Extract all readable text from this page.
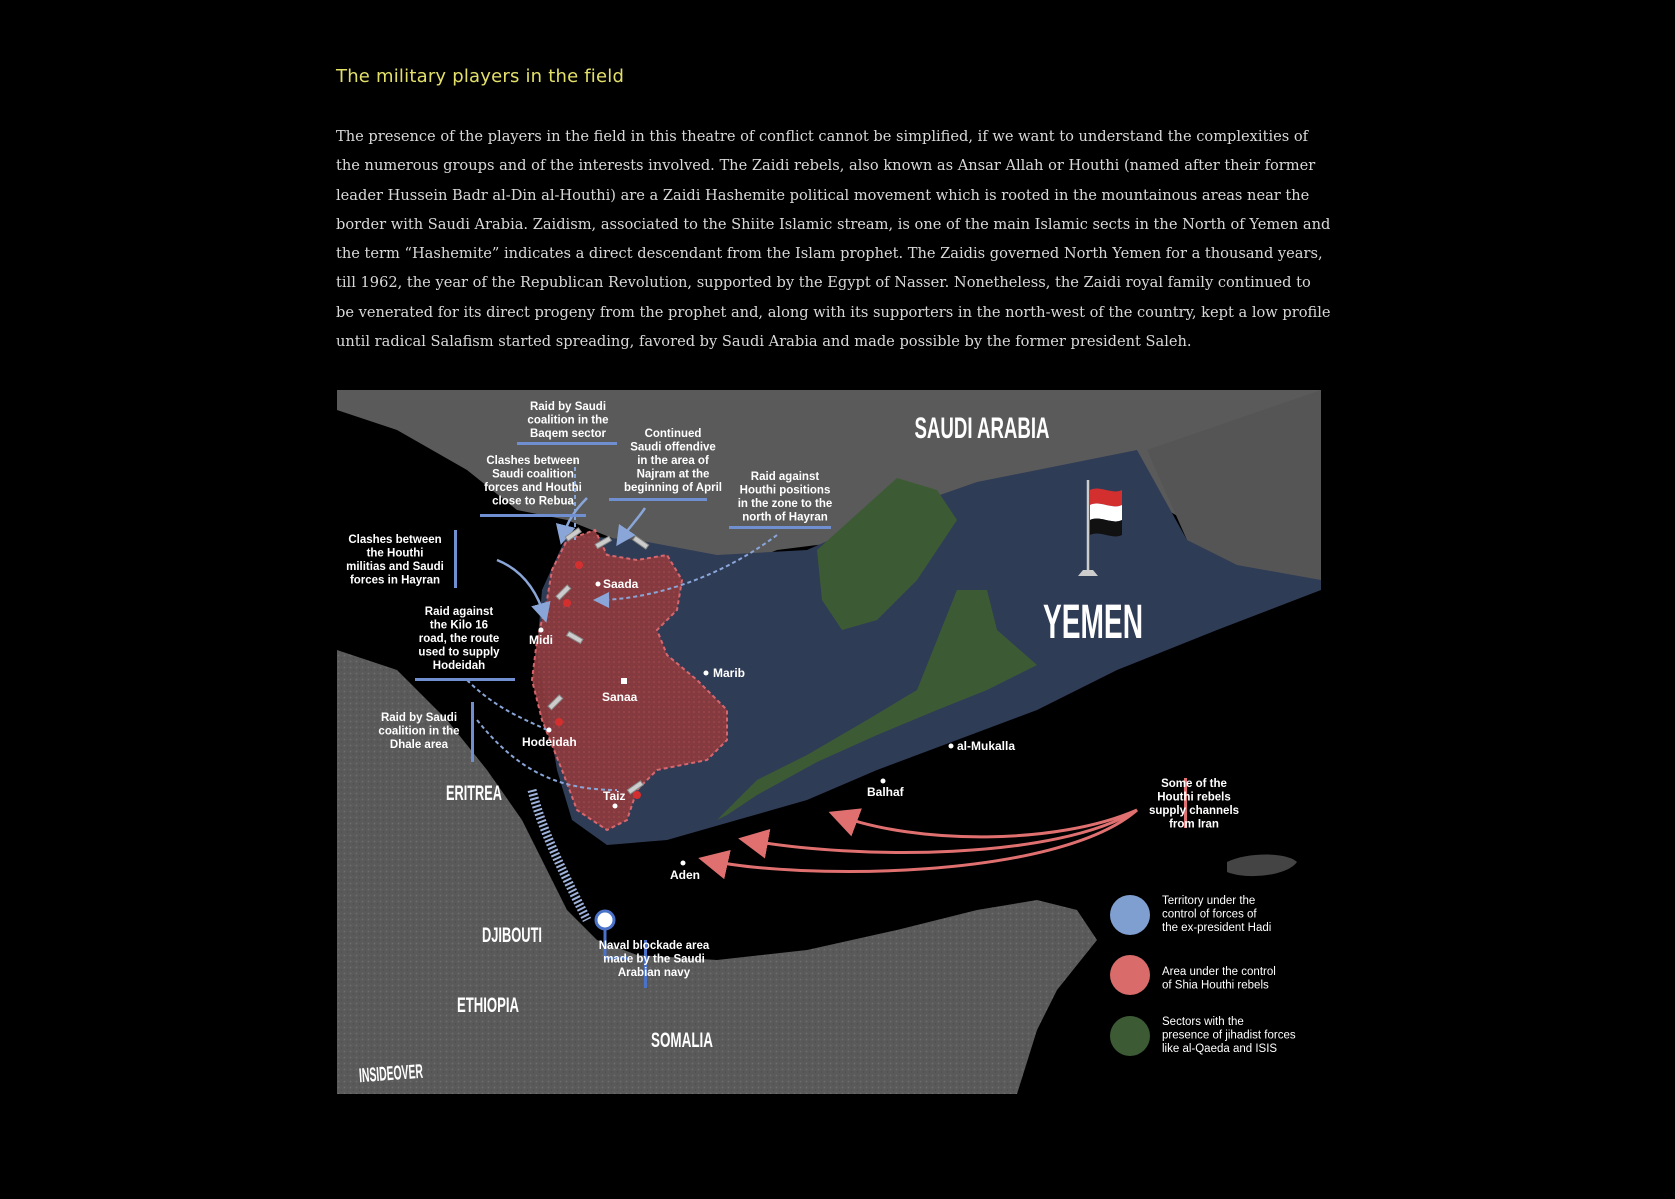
The military players in the field

The presence of the players in the field in this theatre of conflict cannot be simplified, if we want to understand the complexities of the numerous groups and of the interests involved. The Zaidi rebels, also known as Ansar Allah or Houthi (named after their former leader Hussein Badr al-Din al-Houthi) are a Zaidi Hashemite political movement which is rooted in the mountainous areas near the border with Saudi Arabia. Zaidism, associated to the Shiite Islamic stream, is one of the main Islamic sects in the North of Yemen and the term “Hashemite” indicates a direct descendant from the Islam prophet. The Zaidis governed North Yemen for a thousand years, till 1962, the year of the Republican Revolution, supported by the Egypt of Nasser. Nonetheless, the Zaidi royal family continued to be venerated for its direct progeny from the prophet and, along with its supporters in the north-west of the country, kept a low profile until radical Salafism started spreading, favored by Saudi Arabia and made possible by the former president Saleh.

SAUDI ARABIA
YEMEN
ERITREA
DJIBOUTI
ETHIOPIA
SOMALIA
Saada
Midi
Sanaa
Marib
Hodeidah
Taiz
Aden
al-Mukalla
Balhaf
Raid by Saudi coalition in the Baqem sector	Continued Saudi offendive in the area of Najram at the beginning of April
Clashes between Saudi coalition forces and Houthi close to Rebua
Raid against Houthi positions in the zone to the north of Hayran
Clashes between the Houthi militias and Saudi forces in Hayran
Raid against the Kilo 16 road, the route used to supply Hodeidah
Raid by Saudi coalition in the Dhale area
Some of the Houthi rebels supply channels from Iran
Naval blockade area made by the Saudi Arabian navy
Territory under the control of forces of the ex-president Hadi
Area under the control of Shia Houthi rebels
Sectors with the presence of jihadist forces like al-Qaeda and ISIS
INSIDEOVER
